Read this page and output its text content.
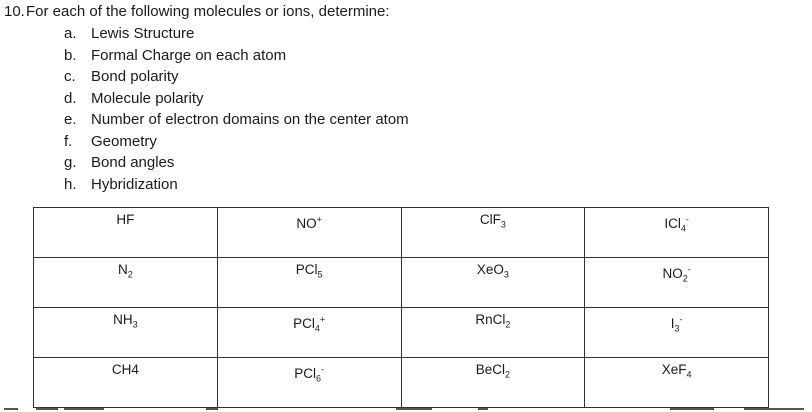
10.For each of the following molecules or ions, determine:
a. Lewis Structure
b. Formal Charge on each atom
c. Bond polarity
d. Molecule polarity
e. Number of electron domains on the center atom
f. Geometry
g. Bond angles
h. Hybridization
HF	NO+	ClF$_3$	ICl$_4$-

$N_2$	PCl$_5$	XeO$_3$	$NO_2^-$

$NH_3$	PCl$_4$+	RnCl$_2$	$I_3^-$

CH4	PCl$_6$-	BeCl$_2$	XeF$_4$
